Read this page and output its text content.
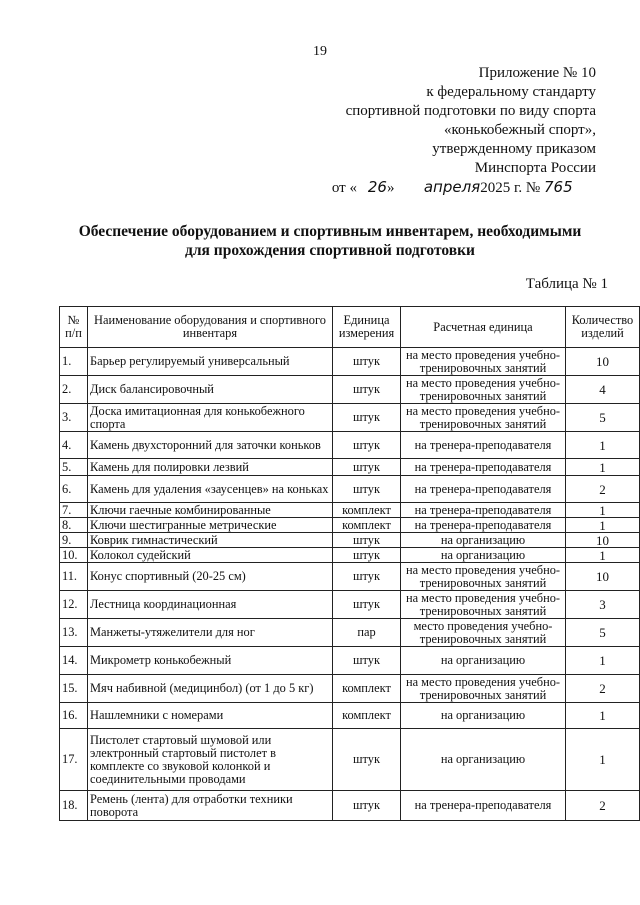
19
Приложение № 10
к федеральному стандарту
спортивной подготовки по виду спорта
«конькобежный спорт»,
утвержденному приказом
Минспорта России
от « 26» апреля2025 г. № 765
Обеспечение оборудованием и спортивным инвентарем, необходимыми
для прохождения спортивной подготовки
Таблица № 1
№ п/п	Наименование оборудования и спортивного инвентаря	Единица измерения	Расчетная единица	Количество изделий
1.	Барьер регулируемый универсальный	штук	на место проведения учебно-тренировочных занятий	10
2.	Диск балансировочный	штук	на место проведения учебно-тренировочных занятий	4
3.	Доска имитационная для конькобежного спорта	штук	на место проведения учебно-тренировочных занятий	5
4.	Камень двухсторонний для заточки коньков	штук	на тренера-преподавателя	1
5.	Камень для полировки лезвий	штук	на тренера-преподавателя	1
6.	Камень для удаления «заусенцев» на коньках	штук	на тренера-преподавателя	2
7.	Ключи гаечные комбинированные	комплект	на тренера-преподавателя	1
8.	Ключи шестигранные метрические	комплект	на тренера-преподавателя	1
9.	Коврик гимнастический	штук	на организацию	10
10.	Колокол судейский	штук	на организацию	1
11.	Конус спортивный (20-25 см)	штук	на место проведения учебно-тренировочных занятий	10
12.	Лестница координационная	штук	на место проведения учебно-тренировочных занятий	3
13.	Манжеты-утяжелители для ног	пар	место проведения учебно-тренировочных занятий	5
14.	Микрометр конькобежный	штук	на организацию	1
15.	Мяч набивной (медицинбол) (от 1 до 5 кг)	комплект	на место проведения учебно-тренировочных занятий	2
16.	Нашлемники с номерами	комплект	на организацию	1
17.	Пистолет стартовый шумовой или электронный стартовый пистолет в комплекте со звуковой колонкой и соединительными проводами	штук	на организацию	1
18.	Ремень (лента) для отработки техники поворота	штук	на тренера-преподавателя	2
